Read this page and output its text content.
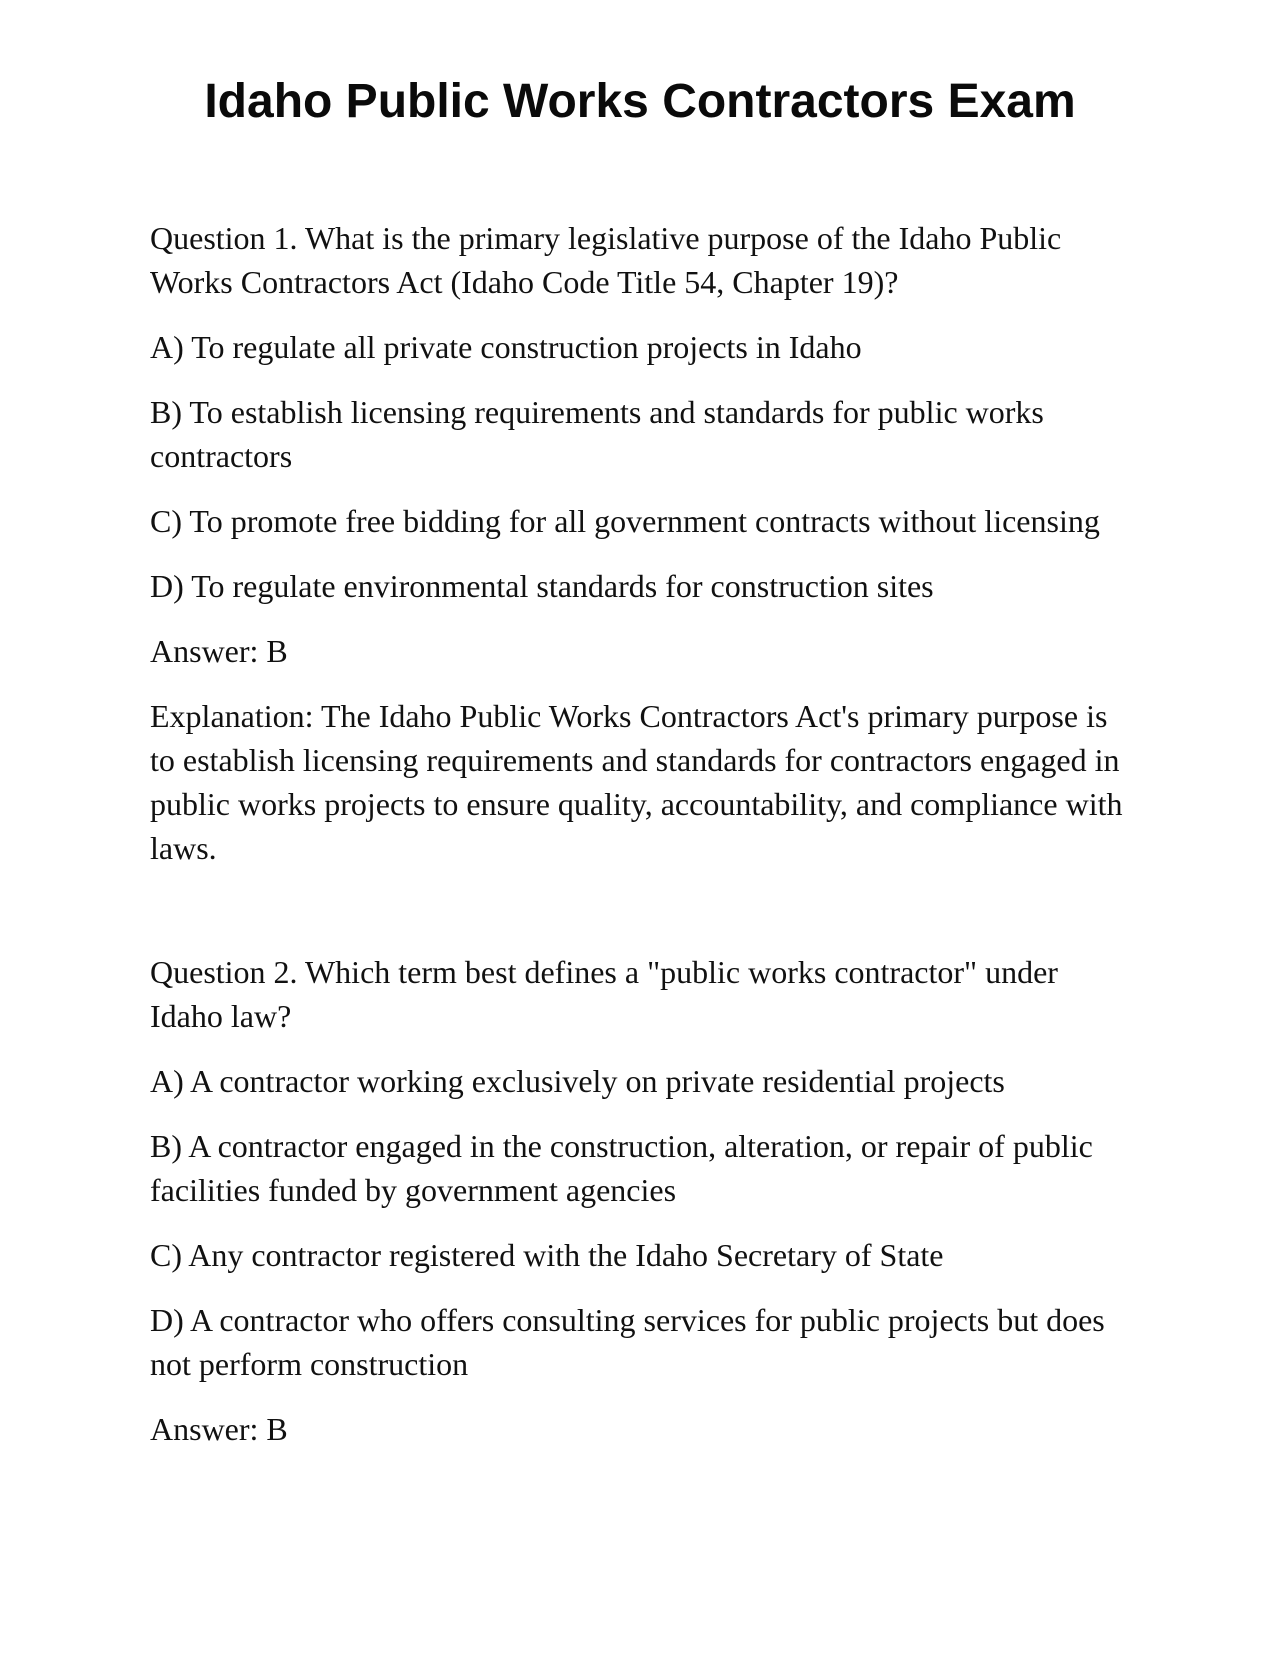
Idaho Public Works Contractors Exam

Question 1. What is the primary legislative purpose of the Idaho Public Works Contractors Act (Idaho Code Title 54, Chapter 19)?

A) To regulate all private construction projects in Idaho

B) To establish licensing requirements and standards for public works contractors

C) To promote free bidding for all government contracts without licensing

D) To regulate environmental standards for construction sites

Answer: B

Explanation: The Idaho Public Works Contractors Act's primary purpose is to establish licensing requirements and standards for contractors engaged in public works projects to ensure quality, accountability, and compliance with laws.

Question 2. Which term best defines a "public works contractor" under Idaho law?

A) A contractor working exclusively on private residential projects

B) A contractor engaged in the construction, alteration, or repair of public facilities funded by government agencies

C) Any contractor registered with the Idaho Secretary of State

D) A contractor who offers consulting services for public projects but does not perform construction

Answer: B
